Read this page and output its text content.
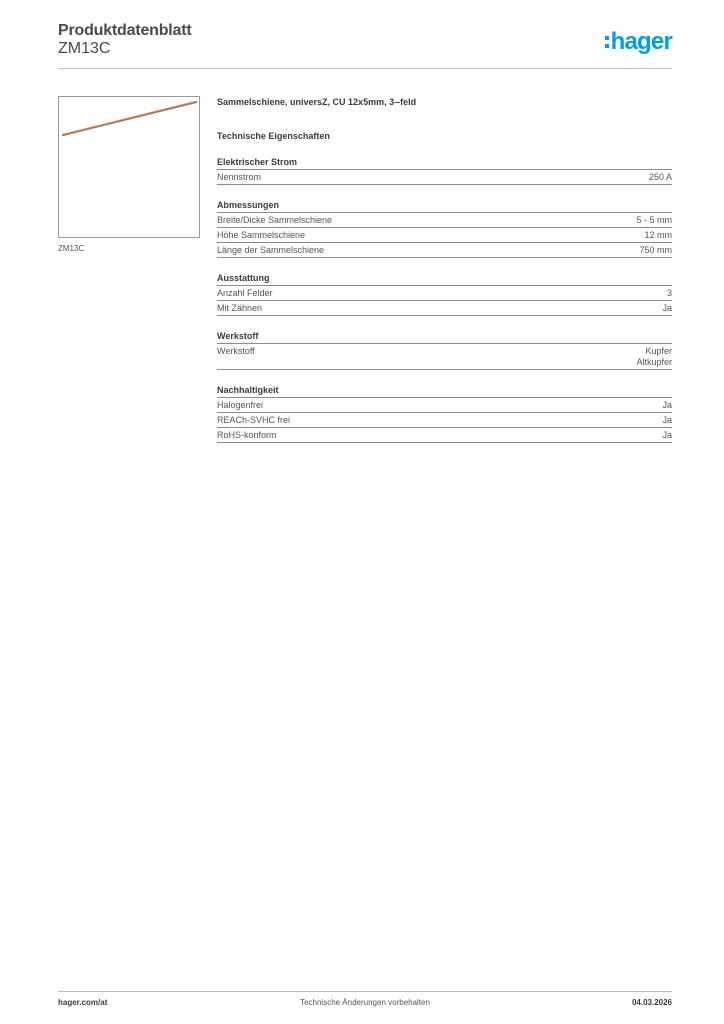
Produktdatenblatt
ZM13C	hager
ZM13C
Sammelschiene, universZ, CU 12x5mm, 3--feld
Technische Eigenschaften
Elektrischer Strom
Nennstrom	250 A
Abmessungen
Breite/Dicke Sammelschiene	5 - 5 mm
Höhe Sammelschiene	12 mm
Länge der Sammelschiene	750 mm
Ausstattung
Anzahl Felder	3
Mit Zähnen	Ja
Werkstoff
Werkstoff	Kupfer
Altkupfer
Nachhaltigkeit
Halogenfrei	Ja
REACh-SVHC frei	Ja
RoHS-konform	Ja
hager.com/at	Technische Änderungen vorbehalten	04.03.2026
